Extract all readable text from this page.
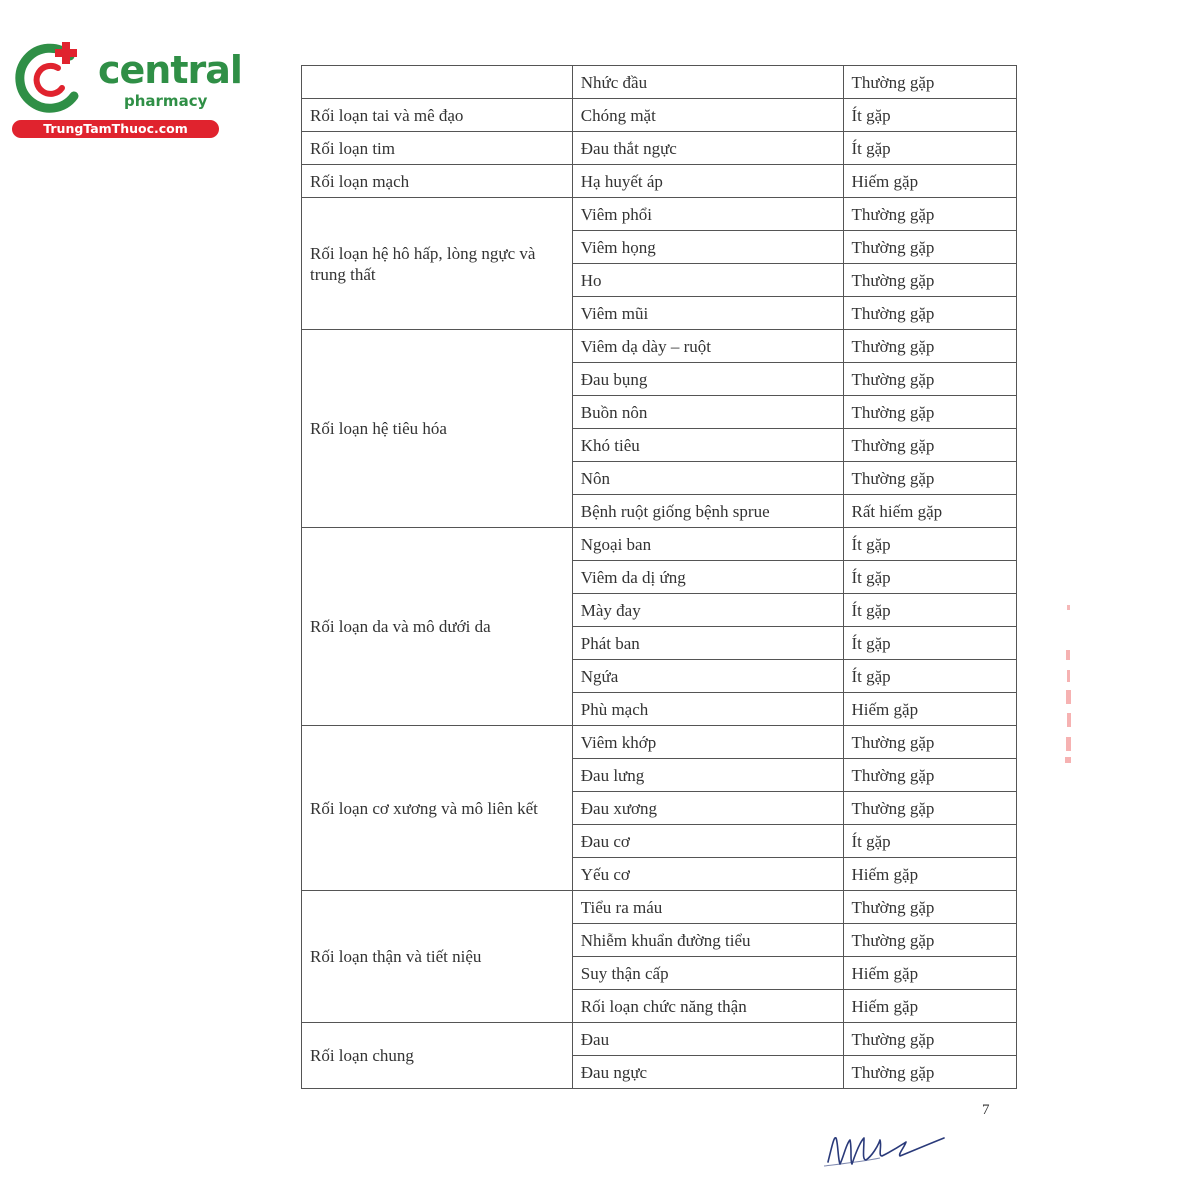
central
pharmacy
TrungTamThuoc.com
	Nhức đầu	Thường gặp
Rối loạn tai và mê đạo	Chóng mặt	Ít gặp
Rối loạn tim	Đau thắt ngực	Ít gặp
Rối loạn mạch	Hạ huyết áp	Hiếm gặp
Rối loạn hệ hô hấp, lòng ngực và trung thất	Viêm phổi	Thường gặp
	Viêm họng	Thường gặp
	Ho	Thường gặp
	Viêm mũi	Thường gặp
Rối loạn hệ tiêu hóa	Viêm dạ dày – ruột	Thường gặp
	Đau bụng	Thường gặp
	Buồn nôn	Thường gặp
	Khó tiêu	Thường gặp
	Nôn	Thường gặp
	Bệnh ruột giống bệnh sprue	Rất hiếm gặp
Rối loạn da và mô dưới da	Ngoại ban	Ít gặp
	Viêm da dị ứng	Ít gặp
	Mày đay	Ít gặp
	Phát ban	Ít gặp
	Ngứa	Ít gặp
	Phù mạch	Hiếm gặp
Rối loạn cơ xương và mô liên kết	Viêm khớp	Thường gặp
	Đau lưng	Thường gặp
	Đau xương	Thường gặp
	Đau cơ	Ít gặp
	Yếu cơ	Hiếm gặp
Rối loạn thận và tiết niệu	Tiểu ra máu	Thường gặp
	Nhiễm khuẩn đường tiểu	Thường gặp
	Suy thận cấp	Hiếm gặp
	Rối loạn chức năng thận	Hiếm gặp
Rối loạn chung	Đau	Thường gặp
	Đau ngực	Thường gặp
7
